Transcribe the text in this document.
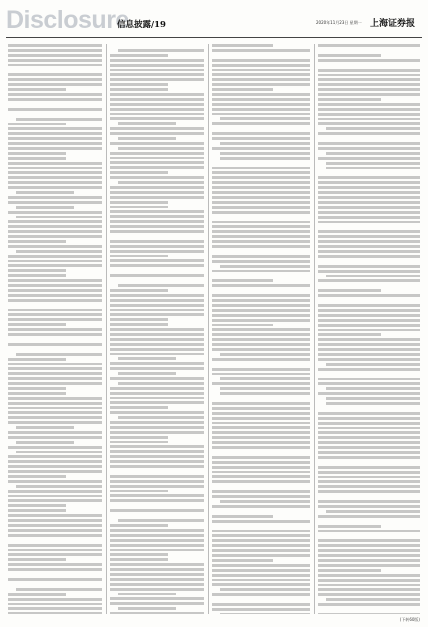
Disclosure
信息披露/19	2020年11月23日 星期一 上海证券报
(下转60版)
